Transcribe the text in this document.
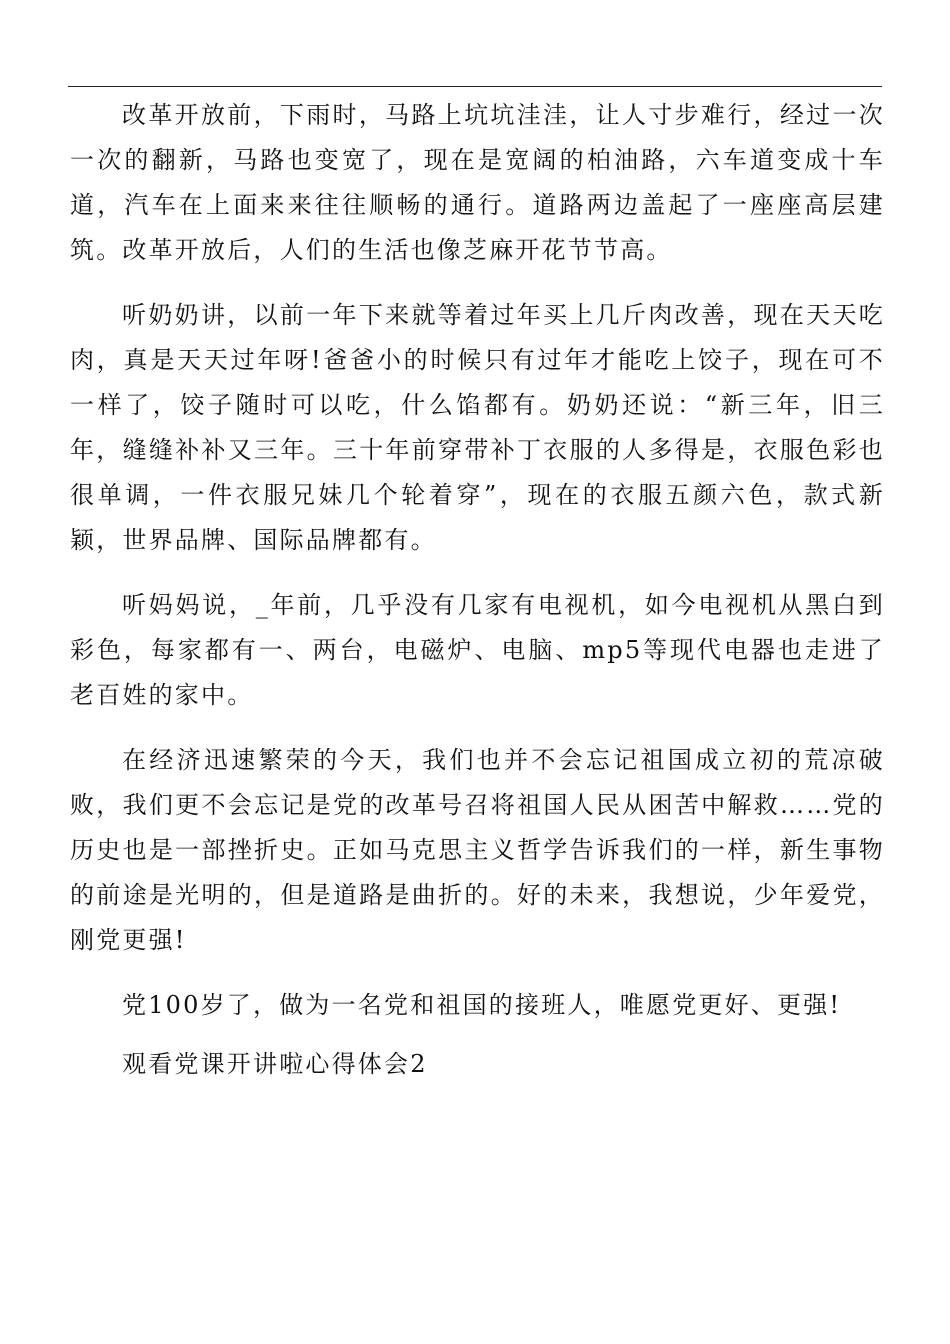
改革开放前，下雨时，马路上坑坑洼洼，让人寸步难行，经过一次一次的翻新，马路也变宽了，现在是宽阔的柏油路，六车道变成十车道，汽车在上面来来往往顺畅的通行。道路两边盖起了一座座高层建筑。改革开放后，人们的生活也像芝麻开花节节高。

听奶奶讲，以前一年下来就等着过年买上几斤肉改善，现在天天吃肉，真是天天过年呀!爸爸小的时候只有过年才能吃上饺子，现在可不一样了，饺子随时可以吃，什么馅都有。奶奶还说：“新三年，旧三年，缝缝补补又三年。三十年前穿带补丁衣服的人多得是，衣服色彩也很单调，一件衣服兄妹几个轮着穿”，现在的衣服五颜六色，款式新颖，世界品牌、国际品牌都有。

听妈妈说，_年前，几乎没有几家有电视机，如今电视机从黑白到彩色，每家都有一、两台，电磁炉、电脑、mp5等现代电器也走进了老百姓的家中。

在经济迅速繁荣的今天，我们也并不会忘记祖国成立初的荒凉破败，我们更不会忘记是党的改革号召将祖国人民从困苦中解救……党的历史也是一部挫折史。正如马克思主义哲学告诉我们的一样，新生事物的前途是光明的，但是道路是曲折的。好的未来，我想说，少年爱党，刚党更强!

党100岁了，做为一名党和祖国的接班人，唯愿党更好、更强!

观看党课开讲啦心得体会2
